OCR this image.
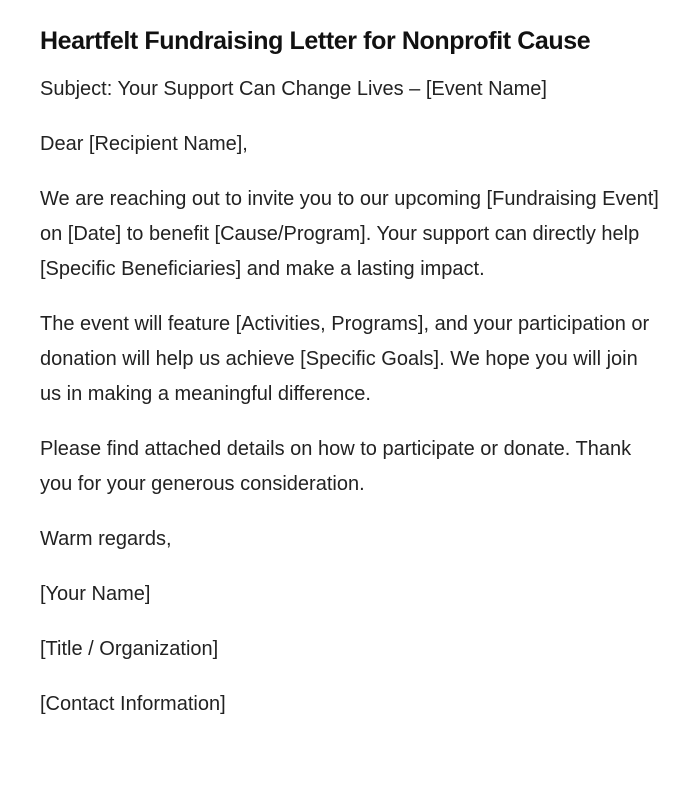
Heartfelt Fundraising Letter for Nonprofit Cause

Subject: Your Support Can Change Lives – [Event Name]

Dear [Recipient Name],

We are reaching out to invite you to our upcoming [Fundraising Event] on [Date] to benefit [Cause/Program]. Your support can directly help [Specific Beneficiaries] and make a lasting impact.

The event will feature [Activities, Programs], and your participation or donation will help us achieve [Specific Goals]. We hope you will join us in making a meaningful difference.

Please find attached details on how to participate or donate. Thank you for your generous consideration.

Warm regards,

[Your Name]

[Title / Organization]

[Contact Information]
